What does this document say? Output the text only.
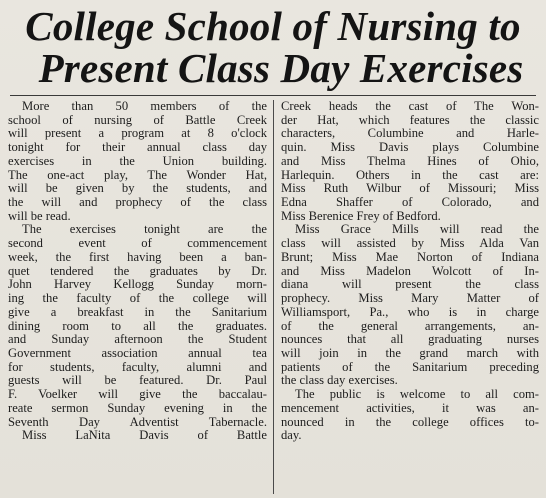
College School of Nursing to
Present Class Day Exercises
More than 50 members of the
school of nursing of Battle Creek
will present a program at 8 o'clock
tonight for their annual class day
exercises in the Union building.
The one-act play, The Wonder Hat,
will be given by the students, and
the will and prophecy of the class
will be read.
The exercises tonight are the
second event of commencement
week, the first having been a ban-
quet tendered the graduates by Dr.
John Harvey Kellogg Sunday morn-
ing the faculty of the college will
give a breakfast in the Sanitarium
dining room to all the graduates.
and Sunday afternoon the Student
Government association annual tea
for students, faculty, alumni and
guests will be featured. Dr. Paul
F. Voelker will give the baccalau-
reate sermon Sunday evening in the
Seventh Day Adventist Tabernacle.
Miss LaNita Davis of Battle
Creek heads the cast of The Won-
der Hat, which features the classic
characters, Columbine and Harle-
quin. Miss Davis plays Columbine
and Miss Thelma Hines of Ohio,
Harlequin. Others in the cast are:
Miss Ruth Wilbur of Missouri; Miss
Edna Shaffer of Colorado, and
Miss Berenice Frey of Bedford.
Miss Grace Mills will read the
class will assisted by Miss Alda Van
Brunt; Miss Mae Norton of Indiana
and Miss Madelon Wolcott of In-
diana will present the class
prophecy. Miss Mary Matter of
Williamsport, Pa., who is in charge
of the general arrangements, an-
nounces that all graduating nurses
will join in the grand march with
patients of the Sanitarium preceding
the class day exercises.
The public is welcome to all com-
mencement activities, it was an-
nounced in the college offices to-
day.
